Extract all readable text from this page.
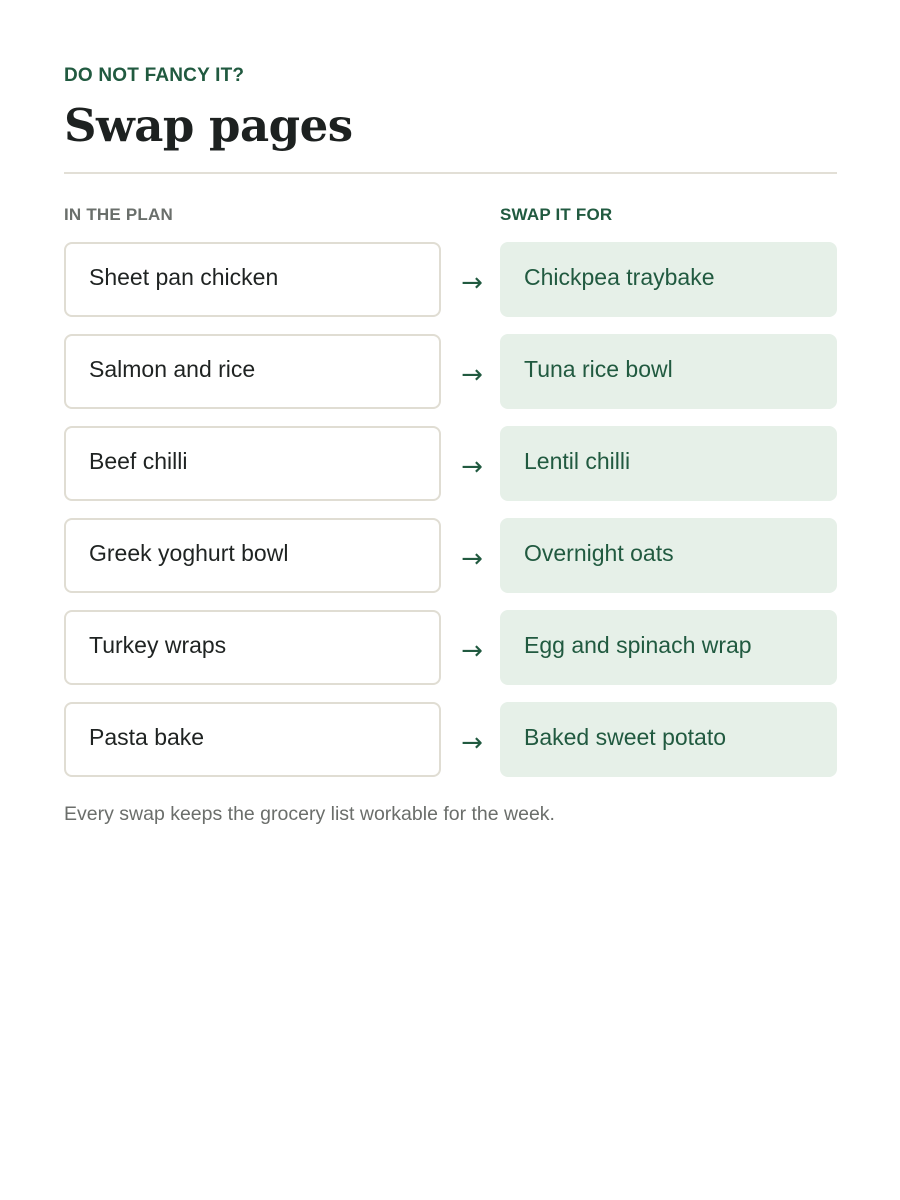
DO NOT FANCY IT?
Swap pages
IN THE PLAN	SWAP IT FOR
Sheet pan chicken	→	Chickpea traybake
Salmon and rice	→	Tuna rice bowl
Beef chilli	→	Lentil chilli
Greek yoghurt bowl	→	Overnight oats
Turkey wraps	→	Egg and spinach wrap
Pasta bake	→	Baked sweet potato

Every swap keeps the grocery list workable for the week.
